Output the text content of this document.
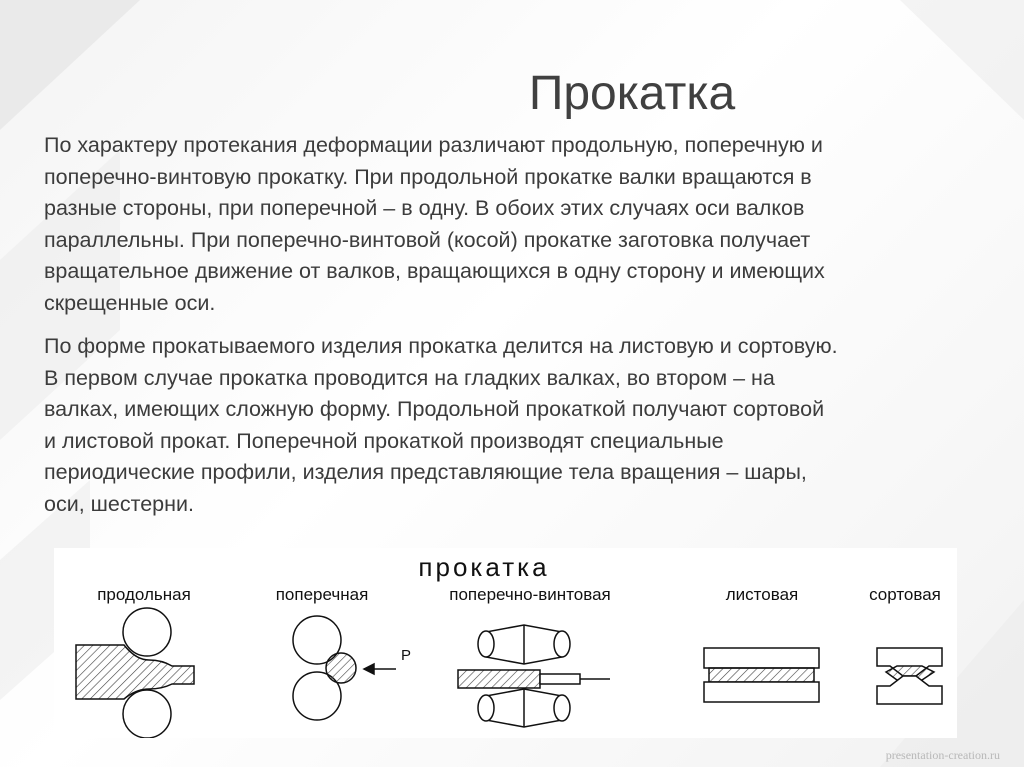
Прокатка

По характеру протекания деформации различают продольную, поперечную и
поперечно-винтовую прокатку. При продольной прокатке валки вращаются в
разные стороны, при поперечной – в одну. В обоих этих случаях оси валков
параллельны. При поперечно-винтовой (косой) прокатке заготовка получает
вращательное движение от валков, вращающихся в одну сторону и имеющих
скрещенные оси.

По форме прокатываемого изделия прокатка делится на листовую и сортовую.
В первом случае прокатка проводится на гладких валках, во втором – на
валках, имеющих сложную форму. Продольной прокаткой получают сортовой
и листовой прокат. Поперечной прокаткой производят специальные
периодические профили, изделия представляющие тела вращения – шары,
оси, шестерни.

прокатка
продольная	поперечная	поперечно-винтовая	листовая	сортовая
P
presentation-creation.ru
